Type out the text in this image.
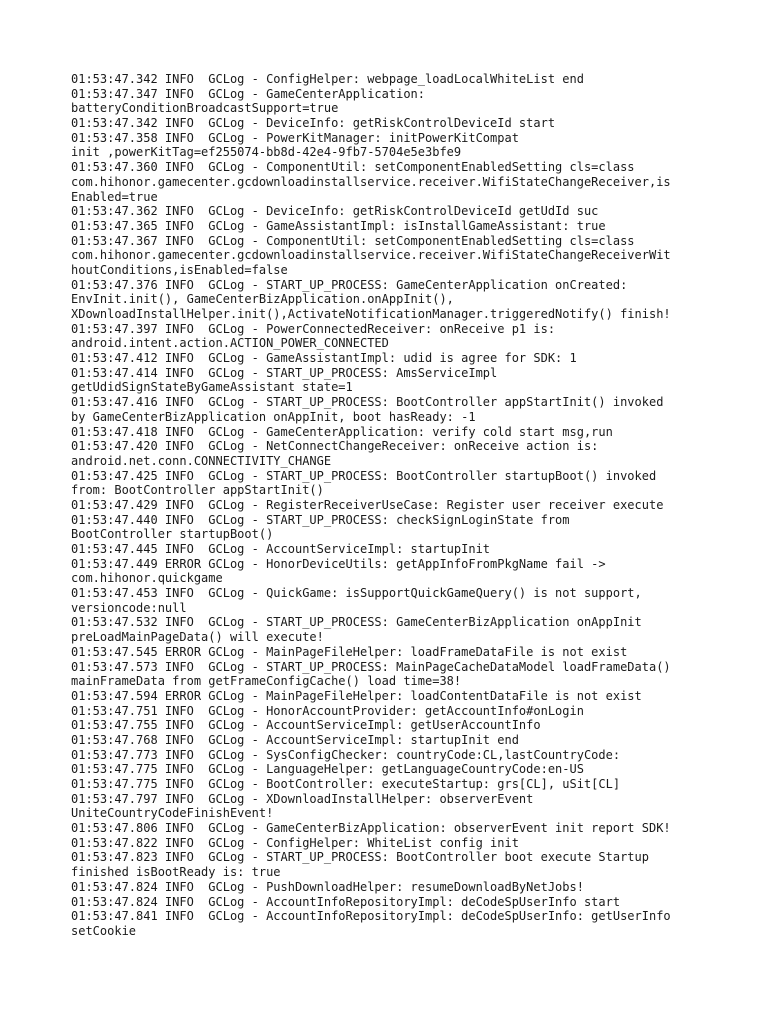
01:53:47.342 INFO  GCLog - ConfigHelper: webpage_loadLocalWhiteList end
01:53:47.347 INFO  GCLog - GameCenterApplication:
batteryConditionBroadcastSupport=true
01:53:47.342 INFO  GCLog - DeviceInfo: getRiskControlDeviceId start
01:53:47.358 INFO  GCLog - PowerKitManager: initPowerKitCompat
init ,powerKitTag=ef255074-bb8d-42e4-9fb7-5704e5e3bfe9
01:53:47.360 INFO  GCLog - ComponentUtil: setComponentEnabledSetting cls=class
com.hihonor.gamecenter.gcdownloadinstallservice.receiver.WifiStateChangeReceiver,is
Enabled=true
01:53:47.362 INFO  GCLog - DeviceInfo: getRiskControlDeviceId getUdId suc
01:53:47.365 INFO  GCLog - GameAssistantImpl: isInstallGameAssistant: true
01:53:47.367 INFO  GCLog - ComponentUtil: setComponentEnabledSetting cls=class
com.hihonor.gamecenter.gcdownloadinstallservice.receiver.WifiStateChangeReceiverWit
houtConditions,isEnabled=false
01:53:47.376 INFO  GCLog - START_UP_PROCESS: GameCenterApplication onCreated:
EnvInit.init(), GameCenterBizApplication.onAppInit(),
XDownloadInstallHelper.init(),ActivateNotificationManager.triggeredNotify() finish!
01:53:47.397 INFO  GCLog - PowerConnectedReceiver: onReceive p1 is:
android.intent.action.ACTION_POWER_CONNECTED
01:53:47.412 INFO  GCLog - GameAssistantImpl: udid is agree for SDK: 1
01:53:47.414 INFO  GCLog - START_UP_PROCESS: AmsServiceImpl
getUdidSignStateByGameAssistant state=1
01:53:47.416 INFO  GCLog - START_UP_PROCESS: BootController appStartInit() invoked
by GameCenterBizApplication onAppInit, boot hasReady: -1
01:53:47.418 INFO  GCLog - GameCenterApplication: verify cold start msg,run
01:53:47.420 INFO  GCLog - NetConnectChangeReceiver: onReceive action is:
android.net.conn.CONNECTIVITY_CHANGE
01:53:47.425 INFO  GCLog - START_UP_PROCESS: BootController startupBoot() invoked
from: BootController appStartInit()
01:53:47.429 INFO  GCLog - RegisterReceiverUseCase: Register user receiver execute
01:53:47.440 INFO  GCLog - START_UP_PROCESS: checkSignLoginState from
BootController startupBoot()
01:53:47.445 INFO  GCLog - AccountServiceImpl: startupInit
01:53:47.449 ERROR GCLog - HonorDeviceUtils: getAppInfoFromPkgName fail ->
com.hihonor.quickgame
01:53:47.453 INFO  GCLog - QuickGame: isSupportQuickGameQuery() is not support,
versioncode:null
01:53:47.532 INFO  GCLog - START_UP_PROCESS: GameCenterBizApplication onAppInit
preLoadMainPageData() will execute!
01:53:47.545 ERROR GCLog - MainPageFileHelper: loadFrameDataFile is not exist
01:53:47.573 INFO  GCLog - START_UP_PROCESS: MainPageCacheDataModel loadFrameData()
mainFrameData from getFrameConfigCache() load time=38!
01:53:47.594 ERROR GCLog - MainPageFileHelper: loadContentDataFile is not exist
01:53:47.751 INFO  GCLog - HonorAccountProvider: getAccountInfo#onLogin
01:53:47.755 INFO  GCLog - AccountServiceImpl: getUserAccountInfo
01:53:47.768 INFO  GCLog - AccountServiceImpl: startupInit end
01:53:47.773 INFO  GCLog - SysConfigChecker: countryCode:CL,lastCountryCode:
01:53:47.775 INFO  GCLog - LanguageHelper: getLanguageCountryCode:en-US
01:53:47.775 INFO  GCLog - BootController: executeStartup: grs[CL], uSit[CL]
01:53:47.797 INFO  GCLog - XDownloadInstallHelper: observerEvent
UniteCountryCodeFinishEvent!
01:53:47.806 INFO  GCLog - GameCenterBizApplication: observerEvent init report SDK!
01:53:47.822 INFO  GCLog - ConfigHelper: WhiteList config init
01:53:47.823 INFO  GCLog - START_UP_PROCESS: BootController boot execute Startup
finished isBootReady is: true
01:53:47.824 INFO  GCLog - PushDownloadHelper: resumeDownloadByNetJobs!
01:53:47.824 INFO  GCLog - AccountInfoRepositoryImpl: deCodeSpUserInfo start
01:53:47.841 INFO  GCLog - AccountInfoRepositoryImpl: deCodeSpUserInfo: getUserInfo
setCookie
